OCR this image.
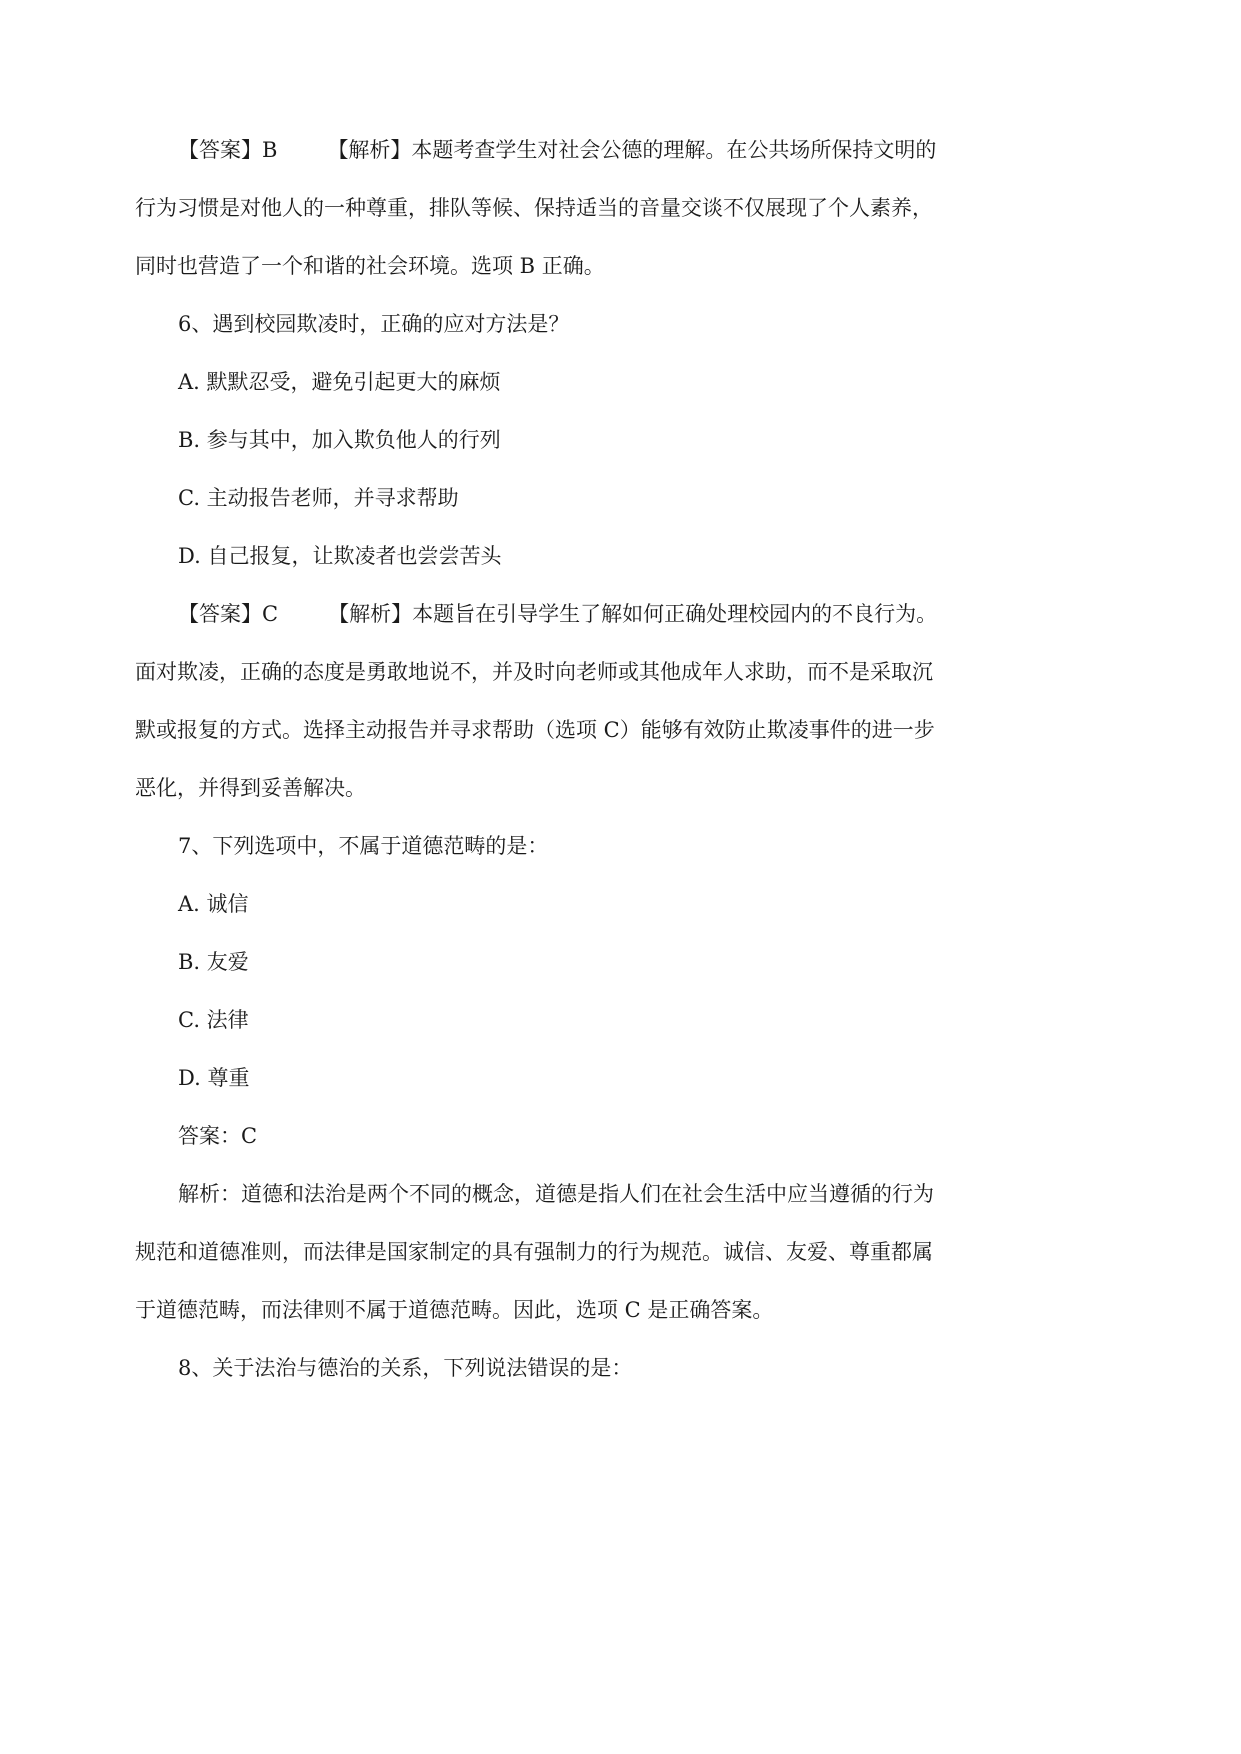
【答案】B 【解析】本题考查学生对社会公德的理解。在公共场所保持文明的
行为习惯是对他人的一种尊重，排队等候、保持适当的音量交谈不仅展现了个人素养，
同时也营造了一个和谐的社会环境。选项 B 正确。
6、遇到校园欺凌时，正确的应对方法是？
A. 默默忍受，避免引起更大的麻烦
B. 参与其中，加入欺负他人的行列
C. 主动报告老师，并寻求帮助
D. 自己报复，让欺凌者也尝尝苦头
【答案】C 【解析】本题旨在引导学生了解如何正确处理校园内的不良行为。
面对欺凌，正确的态度是勇敢地说不，并及时向老师或其他成年人求助，而不是采取沉
默或报复的方式。选择主动报告并寻求帮助（选项 C）能够有效防止欺凌事件的进一步
恶化，并得到妥善解决。
7、下列选项中，不属于道德范畴的是：
A. 诚信
B. 友爱
C. 法律
D. 尊重
答案：C
解析：道德和法治是两个不同的概念，道德是指人们在社会生活中应当遵循的行为
规范和道德准则，而法律是国家制定的具有强制力的行为规范。诚信、友爱、尊重都属
于道德范畴，而法律则不属于道德范畴。因此，选项 C 是正确答案。
8、关于法治与德治的关系，下列说法错误的是：
